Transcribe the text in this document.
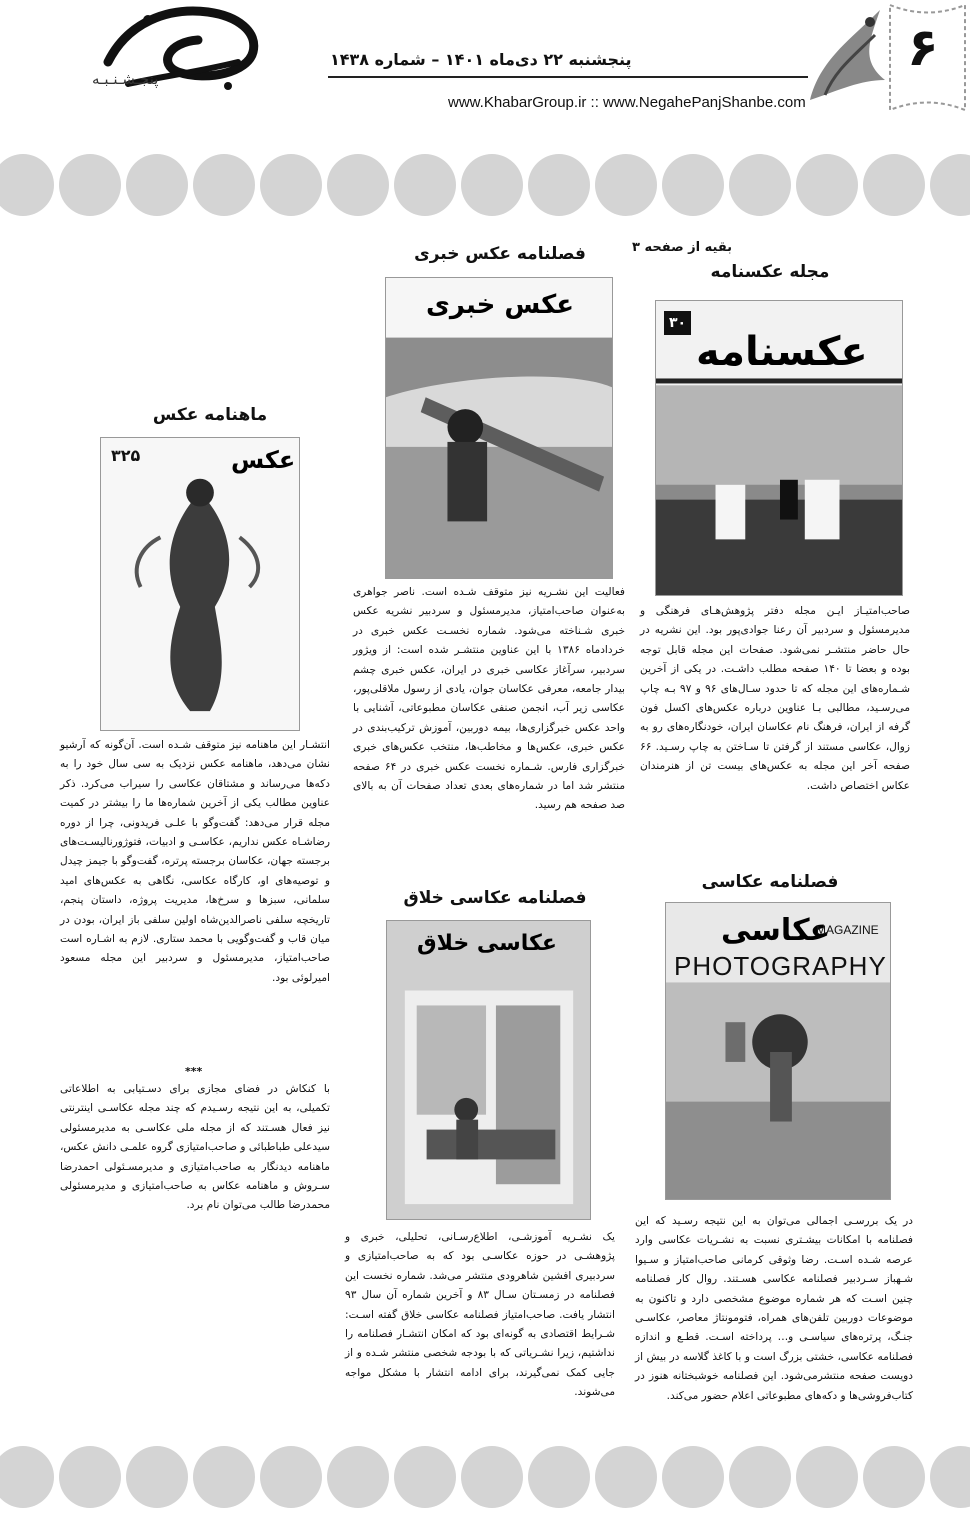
پنجـشـنـبـه
پنجشنبه ۲۲ دی‌ماه ۱۴۰۱ – شماره ۱۴۳۸
www.KhabarGroup.ir :: www.NegahePanjShanbe.com
۶
بقیه از صفحه ۳
مجله عکسنامه
عکسنامه
۳۰
صاحب‌امتیـاز ایـن مجله دفتر پژوهش‌هـای فرهنگی و مدیرمسئول و سردبیر آن رعنا جوادی‌پور بود. این نشریه در حال حاضر منتشـر نمی‌شود. صفحات این مجله قابل توجه بوده و بعضا تا ۱۴۰ صفحه مطلب داشـت. در یکی از آخرین شـماره‌های این مجله که تا حدود سـال‌های ۹۶ و ۹۷ بـه چاپ می‌رسـید، مطالبی بـا عناوین درباره عکس‌های اکسل فون گرفه از ایران، فرهنگ نام عکاسان ایران، خودنگاره‌های رو به زوال، عکاسی مستند از گرفتن تا سـاختن به چاپ رسـید. ۶۶ صفحه آخر این مجله به عکس‌های بیست تن از هنرمندان عکاس اختصاص داشت.
فصلنامه عکاسی
عکاسی
MAGAZINE
PHOTOGRAPHY
در یک بررسـی اجمالی می‌توان به این نتیجه رسـید که این فصلنامه با امکانات بیشـتری نسبت به نشـریات عکاسی وارد عرصه شـده اسـت. رضا وثوقی کرمانی صاحب‌امتیاز و سـیوا شـهباز سـردبیر فصلنامه عکاسی هسـتند. روال کار فصلنامه چنین اسـت که هر شماره موضوع مشخصی دارد و تاکنون به موضوعات دوربین تلفن‌های همراه، فتومونتاژ معاصر، عکاسـی جنـگ، پرتره‌های سیاسـی و… پرداخته اسـت. قطـع و اندازه فصلنامه عکاسی، خشتی بزرگ است و با کاغذ گلاسه در بیش از دویست صفحه منتشرمی‌شود. این فصلنامه خوشبختانه هنوز در کتاب‌فروشی‌ها و دکه‌های مطبوعاتی اعلام حضور می‌کند.
فصلنامه عکس خبری
عکس خبری
فعالیت این نشـریه نیز متوقف شـده است. ناصر جواهری به‌عنوان صاحب‌امتیاز، مدیرمسئول و سردبیر نشریه عکس خبری شـناخته می‌شود. شماره نخسـت عکس خبری در خرداد‌ماه ۱۳۸۶ با این عناوین منتشـر شده است: از ویژور سردبیر، سرآغاز عکاسی خبری در ایران، عکس خبری چشم بیدار جامعه، معرفی عکاسان جوان، یادی از رسول ملاقلی‌پور، عکاسی زیر آب، انجمن صنفی عکاسان مطبوعاتی، آشنایی با واحد عکس خبرگزاری‌ها، بیمه دوربین، آموزش ترکیب‌بندی در عکس خبری، عکس‌ها و مخاطب‌ها، منتخب عکس‌های خبری خبرگزاری فارس. شـماره نخست عکس خبری در ۶۴ صفحه منتشر شد اما در شماره‌های بعدی تعداد صفحات آن به بالای صد صفحه هم رسید.
فصلنامه عکاسی خلاق
عکاسی خلاق
یک نشـریه آموزشـی، اطلاع‌رسـانی، تحلیلی، خبری و پژوهشـی در حوزه عکاسـی بود که به صاحب‌امتیازی و سردبیری افشین شاهرودی منتشر می‌شد. شماره نخست این فصلنامه در زمسـتان سـال ۸۳ و آخرین شماره آن سال ۹۳ انتشار یافت. صاحب‌امتیاز فصلنامه عکاسی خلاق گفته اسـت: شـرایط اقتصادی به گونه‌ای بود که امکان انتشـار فصلنامه را نداشتیم، زیرا نشـریاتی که با بودجه شخصی منتشر شـده و از جایی کمک نمی‌گیرند، برای ادامه انتشار با مشکل مواجه می‌شوند.
ماهنامه عکس
عکس
۳۲۵
انتشـار این ماهنامه نیز متوقف شـده است. آن‌گونه که آرشیو نشان می‌دهد، ماهنامه عکس نزدیک به سی سال خود را به دکه‌ها می‌رساند و مشتاقان عکاسی را سیراب می‌کرد. ذکر عناوین مطالب یکی از آخرین شماره‌ها ما را بیشتر در کمیت مجله قرار می‌دهد: گفت‌وگو با علـی فریدونی، چرا از دوره رضاشـاه عکس نداریم، عکاسـی و ادبیات، فتوژورنالیسـت‌های برجسته جهان، عکاسان برجسته پرتره، گفت‌وگو با جیمز چیدل و توصیه‌های او، کارگاه عکاسی، نگاهی به عکس‌های امید سلمانی، سبزها و سرخ‌ها، مدیریت پروژه، داستان پنجم، تاریخچه سلفی ناصرالدین‌شاه اولین سلفی باز ایران، بودن در میان قاب و گفت‌وگویی با محمد ستاری. لازم به اشـاره است صاحب‌امتیاز، مدیرمسئول و سردبیر این مجله مسعود امیرلوئی بود.
***
با کنکاش در فضای مجازی برای دسـتیابی به اطلاعاتی تکمیلی، به این نتیجه رسـیدم که چند مجله عکاسـی اینترنتی نیز فعال هسـتند که از مجله ملی عکاسـی به مدیرمسئولی سیدعلی طباطبائی و صاحب‌امتیازی گروه علمـی دانش عکس، ماهنامه دیدنگار به صاحب‌امتیازی و مدیرمسـئولی احمدرضا سـروش و ماهنامه عکاس به صاحب‌امتیازی و مدیرمسئولی محمدرضا طالب می‌توان نام برد.
